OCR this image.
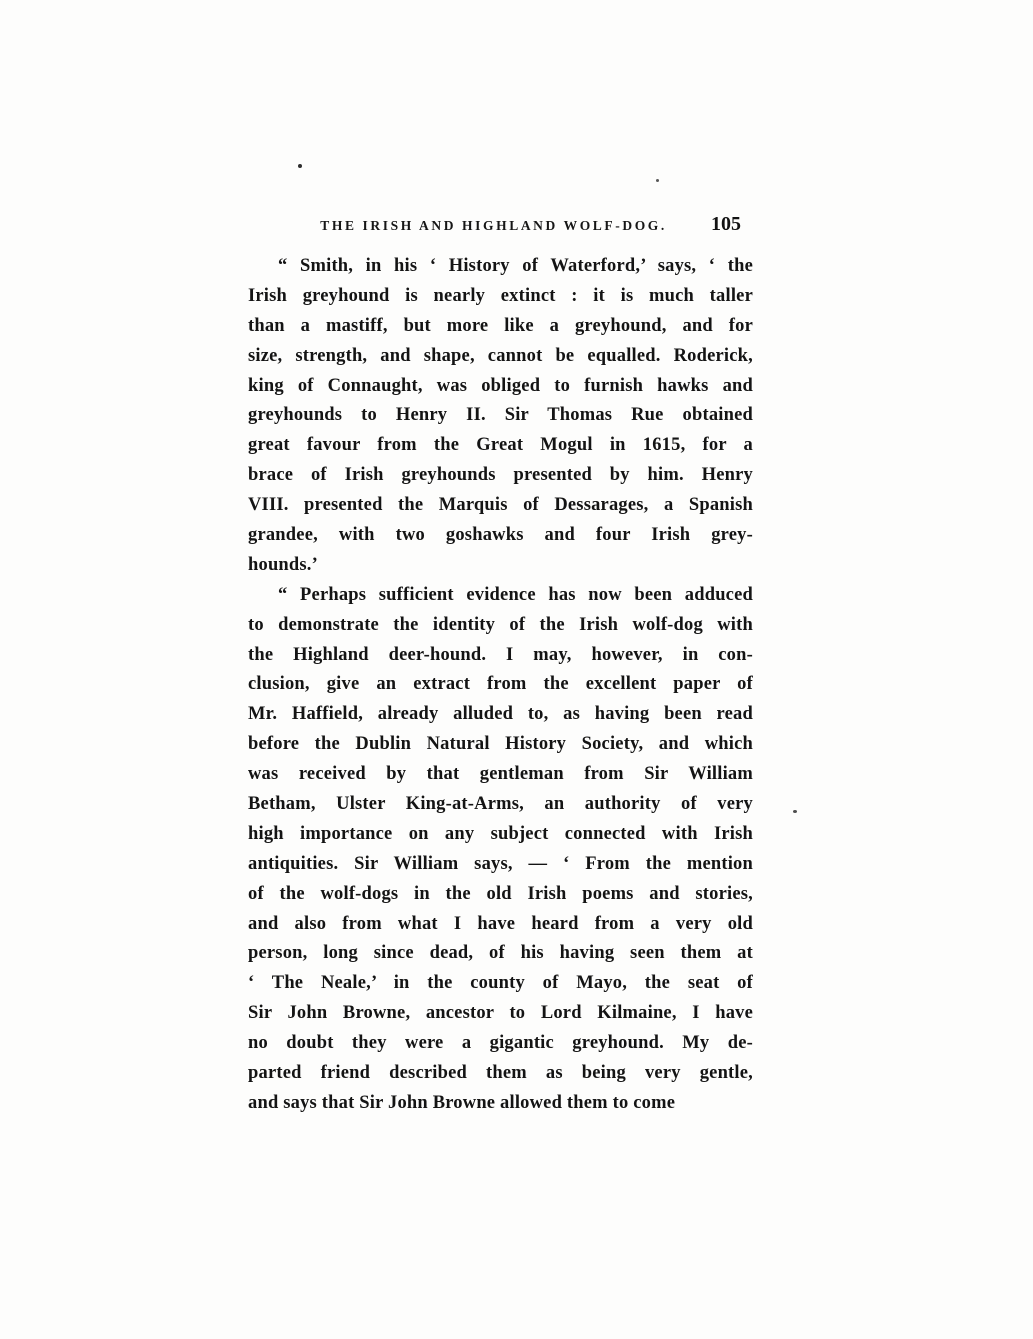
THE IRISH AND HIGHLAND WOLF-DOG. 105
“ Smith, in his ‘ History of Waterford,’ says, ‘ the
Irish greyhound is nearly extinct : it is much taller
than a mastiff, but more like a greyhound, and for
size, strength, and shape, cannot be equalled. Roderick,
king of Connaught, was obliged to furnish hawks and
greyhounds to Henry II. Sir Thomas Rue obtained
great favour from the Great Mogul in 1615, for a
brace of Irish greyhounds presented by him. Henry
VIII. presented the Marquis of Dessarages, a Spanish
grandee, with two goshawks and four Irish grey-
hounds.’
“ Perhaps sufficient evidence has now been adduced
to demonstrate the identity of the Irish wolf-dog with
the Highland deer-hound. I may, however, in con-
clusion, give an extract from the excellent paper of
Mr. Haffield, already alluded to, as having been read
before the Dublin Natural History Society, and which
was received by that gentleman from Sir William
Betham, Ulster King-at-Arms, an authority of very
high importance on any subject connected with Irish
antiquities. Sir William says, — ‘ From the mention
of the wolf-dogs in the old Irish poems and stories,
and also from what I have heard from a very old
person, long since dead, of his having seen them at
‘ The Neale,’ in the county of Mayo, the seat of
Sir John Browne, ancestor to Lord Kilmaine, I have
no doubt they were a gigantic greyhound. My de-
parted friend described them as being very gentle,
and says that Sir John Browne allowed them to come
